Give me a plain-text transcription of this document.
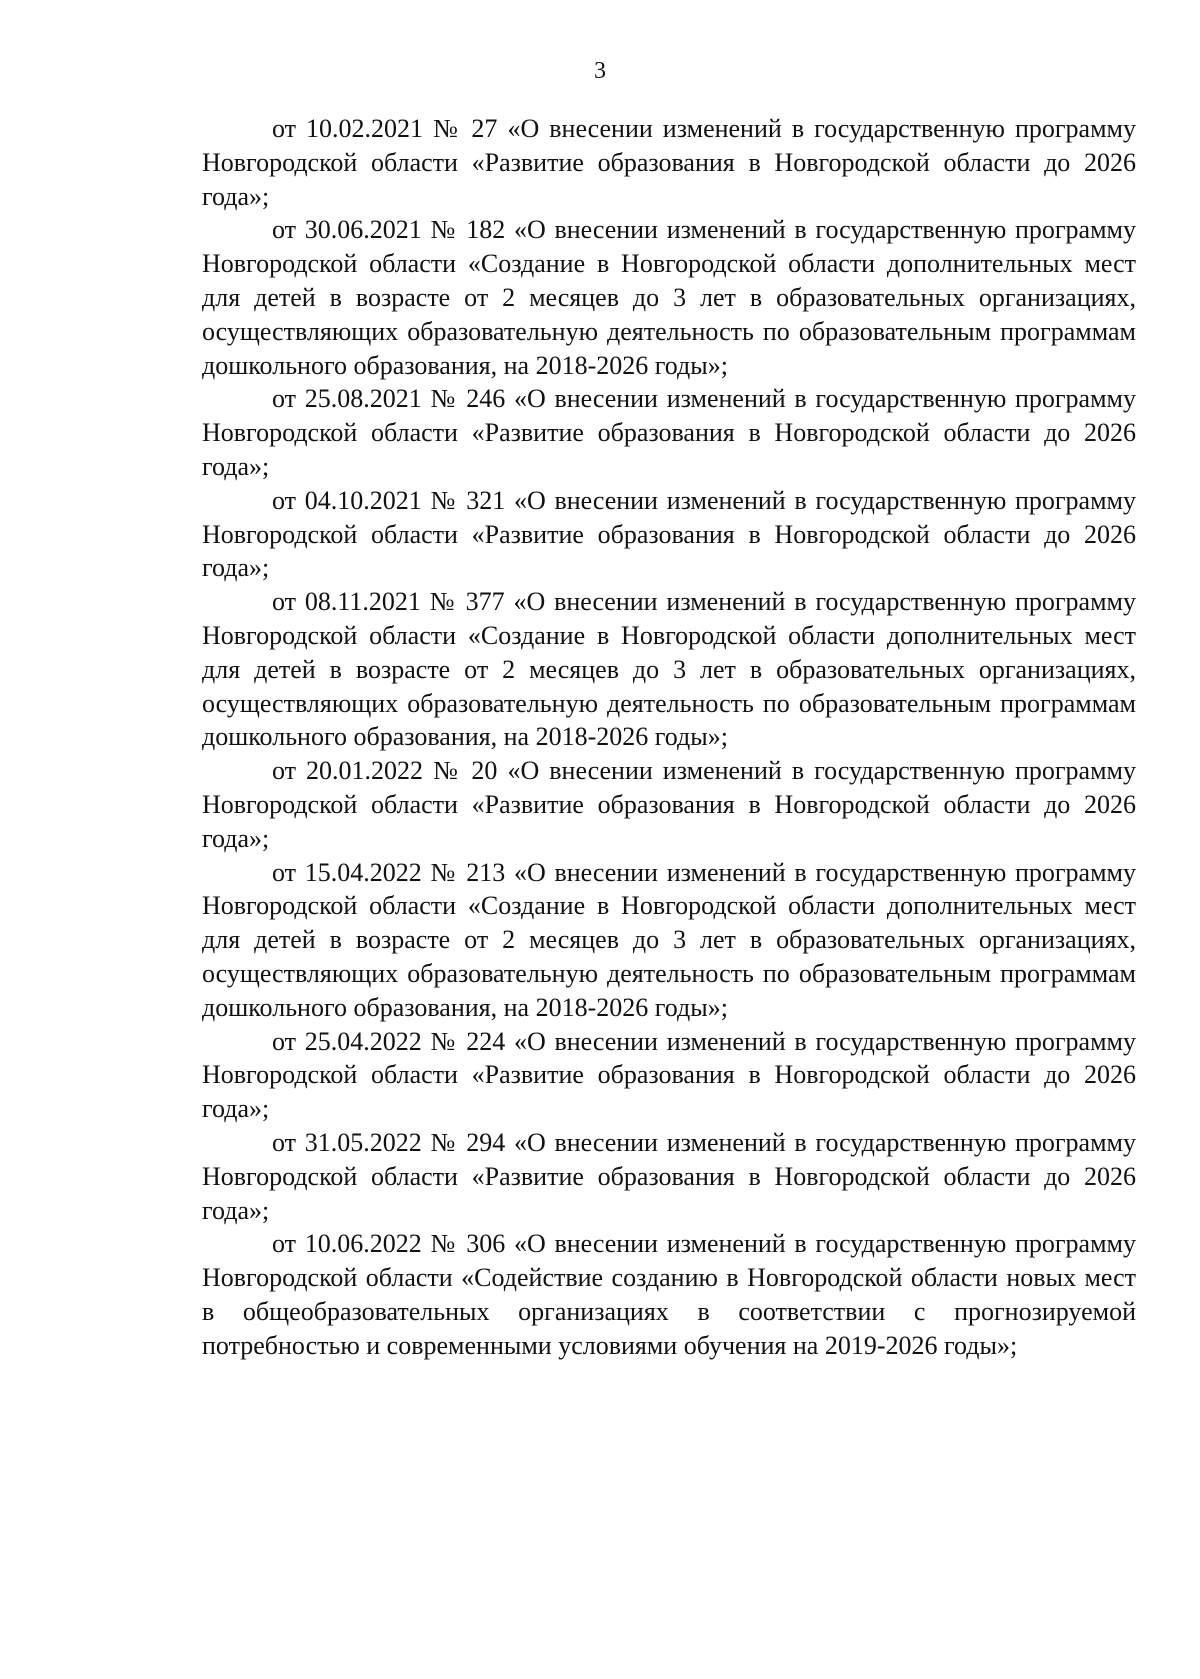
3

от 10.02.2021 № 27 «О внесении изменений в государственную программу Новгородской области «Развитие образования в Новгородской области до 2026 года»;

от 30.06.2021 № 182 «О внесении изменений в государственную программу Новгородской области «Создание в Новгородской области дополнительных мест для детей в возрасте от 2 месяцев до 3 лет в образовательных организациях, осуществляющих образовательную деятельность по образовательным программам дошкольного образования, на 2018-2026 годы»;

от 25.08.2021 № 246 «О внесении изменений в государственную программу Новгородской области «Развитие образования в Новгородской области до 2026 года»;

от 04.10.2021 № 321 «О внесении изменений в государственную программу Новгородской области «Развитие образования в Новгородской области до 2026 года»;

от 08.11.2021 № 377 «О внесении изменений в государственную программу Новгородской области «Создание в Новгородской области дополнительных мест для детей в возрасте от 2 месяцев до 3 лет в образовательных организациях, осуществляющих образовательную деятельность по образовательным программам дошкольного образования, на 2018-2026 годы»;

от 20.01.2022 № 20 «О внесении изменений в государственную программу Новгородской области «Развитие образования в Новгородской области до 2026 года»;

от 15.04.2022 № 213 «О внесении изменений в государственную программу Новгородской области «Создание в Новгородской области дополнительных мест для детей в возрасте от 2 месяцев до 3 лет в образовательных организациях, осуществляющих образовательную деятельность по образовательным программам дошкольного образования, на 2018-2026 годы»;

от 25.04.2022 № 224 «О внесении изменений в государственную программу Новгородской области «Развитие образования в Новгородской области до 2026 года»;

от 31.05.2022 № 294 «О внесении изменений в государственную программу Новгородской области «Развитие образования в Новгородской области до 2026 года»;

от 10.06.2022 № 306 «О внесении изменений в государственную программу Новгородской области «Содействие созданию в Новгородской области новых мест в общеобразовательных организациях в соответствии с прогнозируемой потребностью и современными условиями обучения на 2019-2026 годы»;
